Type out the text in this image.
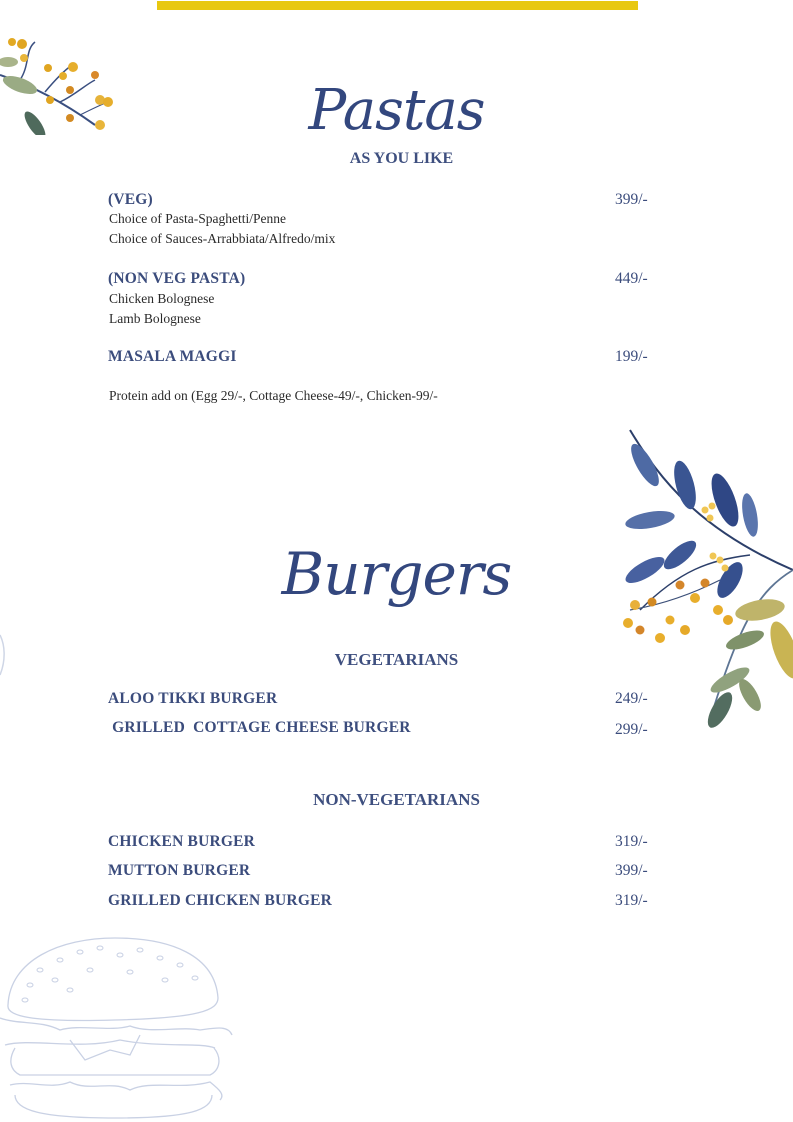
Pastas
AS YOU LIKE
(VEG)	399/-
Choice of Pasta-Spaghetti/Penne
Choice of Sauces-Arrabbiata/Alfredo/mix
(NON VEG PASTA)	449/-
Chicken Bolognese
Lamb Bolognese
MASALA MAGGI	199/-
Protein add on (Egg 29/-, Cottage Cheese-49/-, Chicken-99/-
Burgers
VEGETARIANS
ALOO TIKKI BURGER	249/-
GRILLED  COTTAGE CHEESE BURGER	299/-
NON-VEGETARIANS
CHICKEN BURGER	319/-
MUTTON BURGER	399/-
GRILLED CHICKEN BURGER	319/-
